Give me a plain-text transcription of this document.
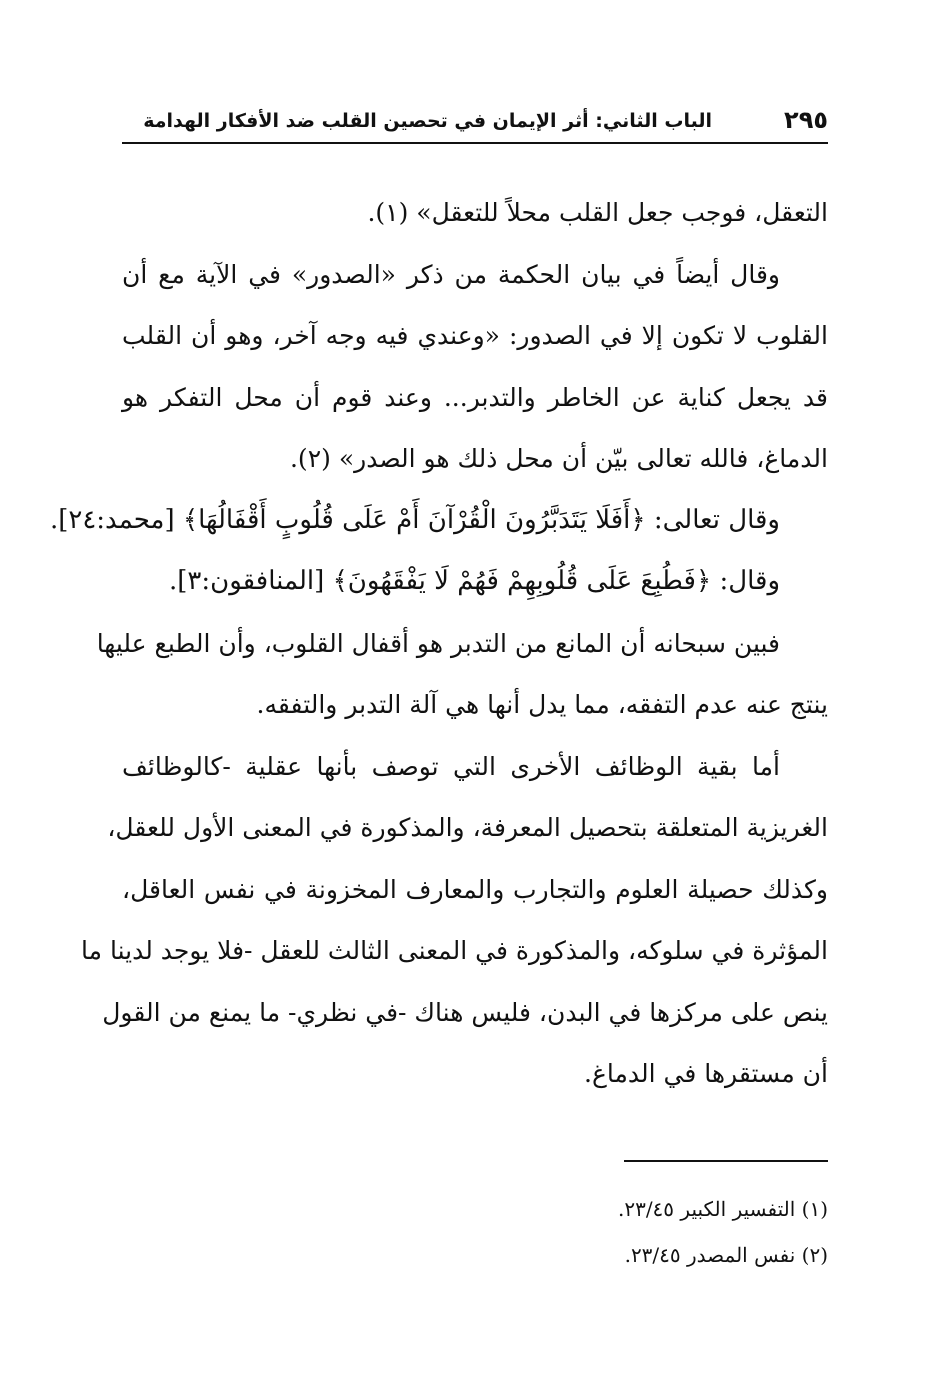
٢٩٥
الباب الثاني: أثر الإيمان في تحصين القلب ضد الأفكار الهدامة
التعقل، فوجب جعل القلب محلاً للتعقل» (١).
وقال أيضاً في بيان الحكمة من ذكر «الصدور» في الآية مع أن
القلوب لا تكون إلا في الصدور: «وعندي فيه وجه آخر، وهو أن القلب
قد يجعل كناية عن الخاطر والتدبر... وعند قوم أن محل التفكر هو
الدماغ، فالله تعالى بيّن أن محل ذلك هو الصدر» (٢).
وقال تعالى: ﴿أَفَلَا يَتَدَبَّرُونَ الْقُرْآنَ أَمْ عَلَى قُلُوبٍ أَقْفَالُهَا﴾ [محمد:٢٤].
وقال: ﴿فَطُبِعَ عَلَى قُلُوبِهِمْ فَهُمْ لَا يَفْقَهُونَ﴾ [المنافقون:٣].
فبين سبحانه أن المانع من التدبر هو أقفال القلوب، وأن الطبع عليها
ينتج عنه عدم التفقه، مما يدل أنها هي آلة التدبر والتفقه.
أما بقية الوظائف الأخرى التي توصف بأنها عقلية -كالوظائف
الغريزية المتعلقة بتحصيل المعرفة، والمذكورة في المعنى الأول للعقل،
وكذلك حصيلة العلوم والتجارب والمعارف المخزونة في نفس العاقل،
المؤثرة في سلوكه، والمذكورة في المعنى الثالث للعقل -فلا يوجد لدينا ما
ينص على مركزها في البدن، فليس هناك -في نظري- ما يمنع من القول
أن مستقرها في الدماغ.
(١) التفسير الكبير ٢٣/٤٥.
(٢) نفس المصدر ٢٣/٤٥.
